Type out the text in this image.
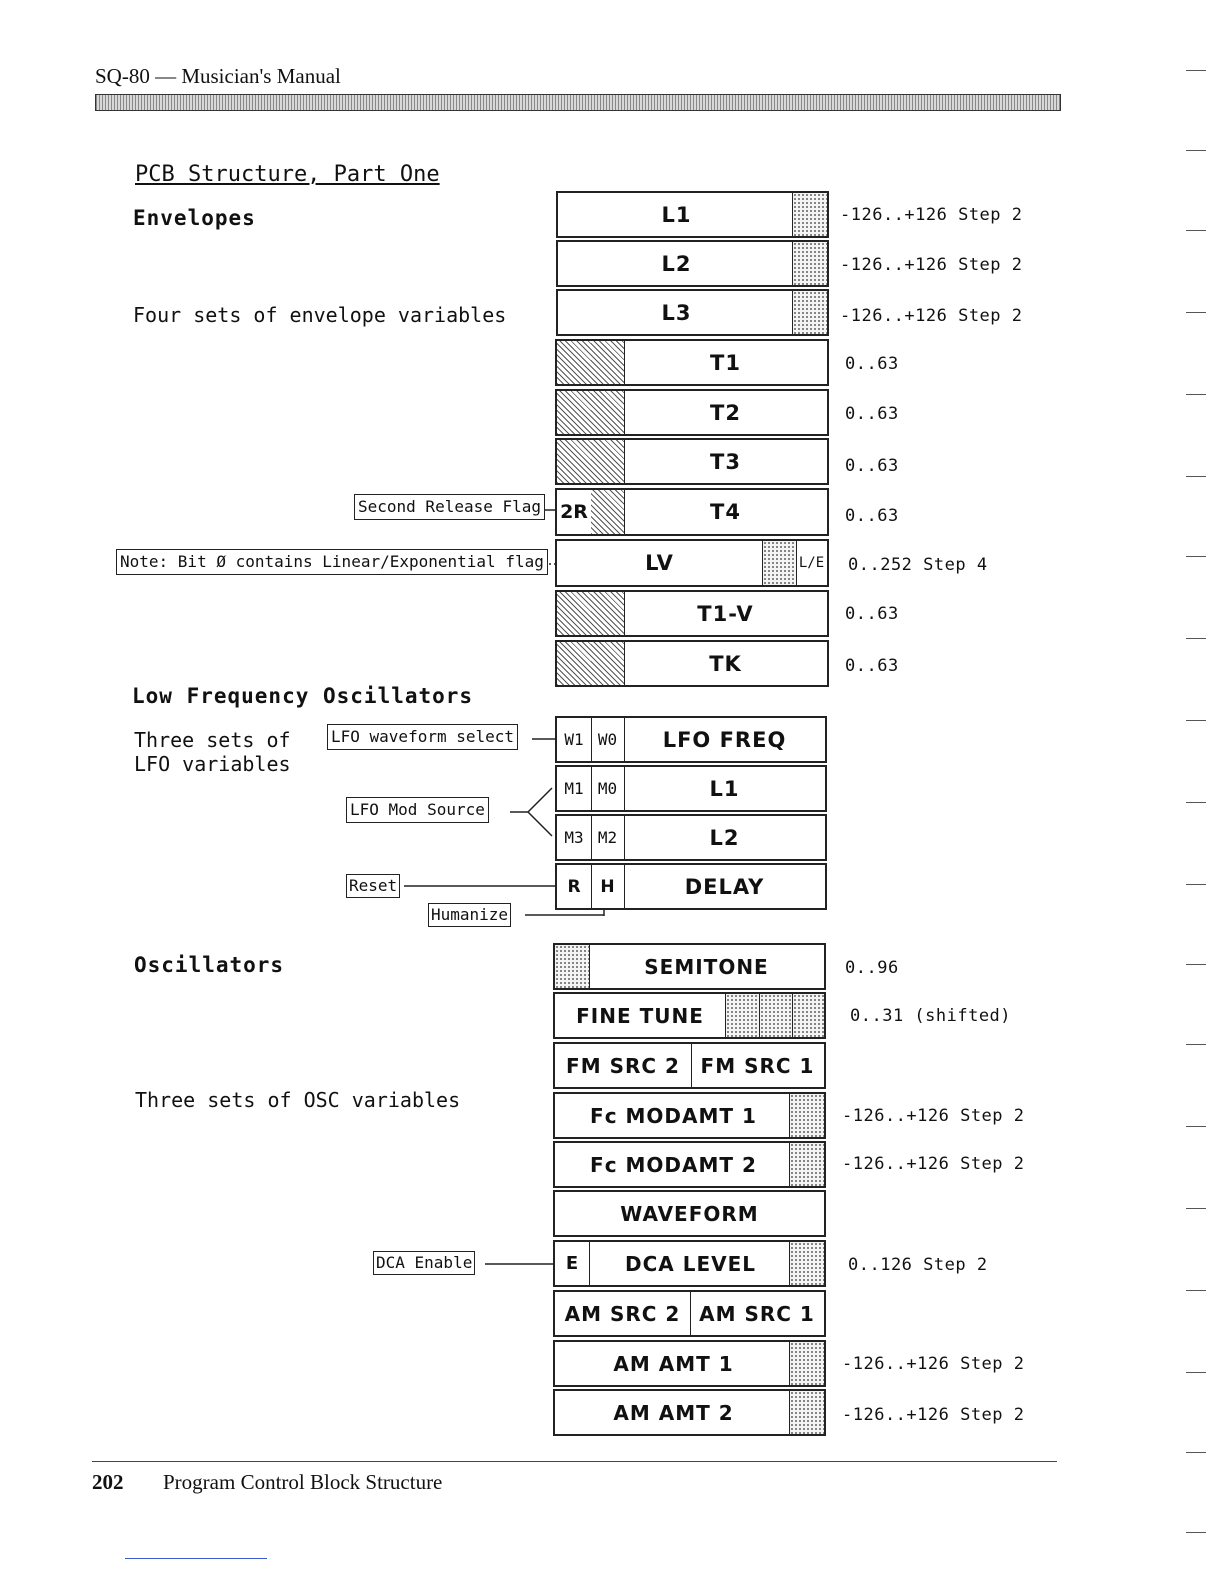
SQ-80 — Musician's Manual
202 Program Control Block Structure
PCB Structure, Part One
Envelopes
Four sets of envelope variables
L1	-126..+126 Step 2
L2	-126..+126 Step 2
L3	-126..+126 Step 2
T1	0..63
T2	0..63
T3	0..63
2R	T4	0..63
Second Release Flag
LV	L/E 0..252 Step 4
Note: Bit Ø contains Linear/Exponential flag
T1-V	0..63
TK	0..63
Low Frequency Oscillators
Three sets of
LFO variables
W1 W0	LFO FREQ
LFO waveform select
M1 M0	L1
M3 M2	L2
LFO Mod Source
R	H	DELAY
Reset
Humanize
Oscillators
Three sets of OSC variables
SEMITONE	0..96
FINE TUNE	0..31 (shifted)
FM SRC 2	FM SRC 1
Fc MODAMT 1	-126..+126 Step 2
Fc MODAMT 2	-126..+126 Step 2
WAVEFORM
E	DCA LEVEL	0..126 Step 2
DCA Enable
AM SRC 2 AM SRC 1
AM AMT 1	-126..+126 Step 2
AM AMT 2	-126..+126 Step 2
